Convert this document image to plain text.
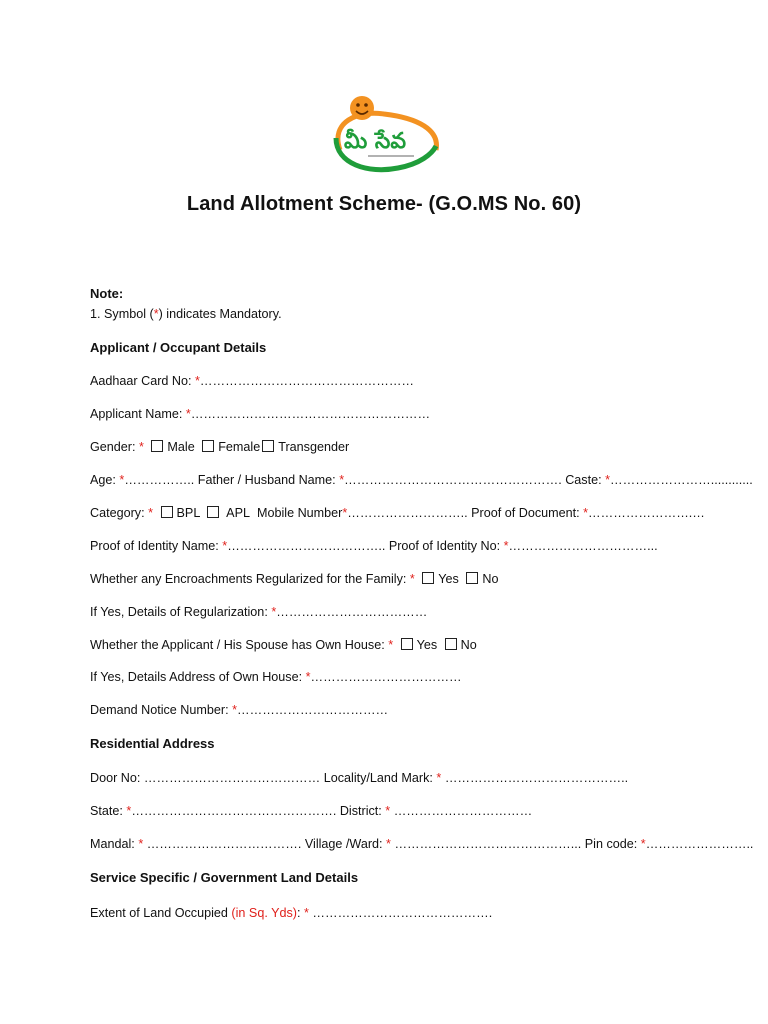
మీ సేవ
Land Allotment Scheme- (G.O.MS No. 60)
Note:
1. Symbol (*) indicates Mandatory.
Applicant / Occupant Details
Aadhaar Card No: *……………………………………………
Applicant Name: *…………………………………………………
Gender: * Male Female Transgender
Age: *…………….. Father / Husband Name: *……………………………………………. Caste: *……………………............
Category: * BPL APL Mobile Number*……………………….. Proof of Document: *…………………….…
Proof of Identity Name: *……………………………….. Proof of Identity No: *……………………………...
Whether any Encroachments Regularized for the Family: * Yes No
If Yes, Details of Regularization: *………………………………
Whether the Applicant / His Spouse has Own House: * Yes No
If Yes, Details Address of Own House: *………………………………
Demand Notice Number: *………………………………
Residential Address
Door No: …………………………………… Locality/Land Mark: * ……………………………………..
State: *…………………………………………. District: * ……………………………
Mandal: * ………………………………. Village /Ward: * ……………………………………... Pin code: *……………………..
Service Specific / Government Land Details
Extent of Land Occupied (in Sq. Yds): * …………………………………….
